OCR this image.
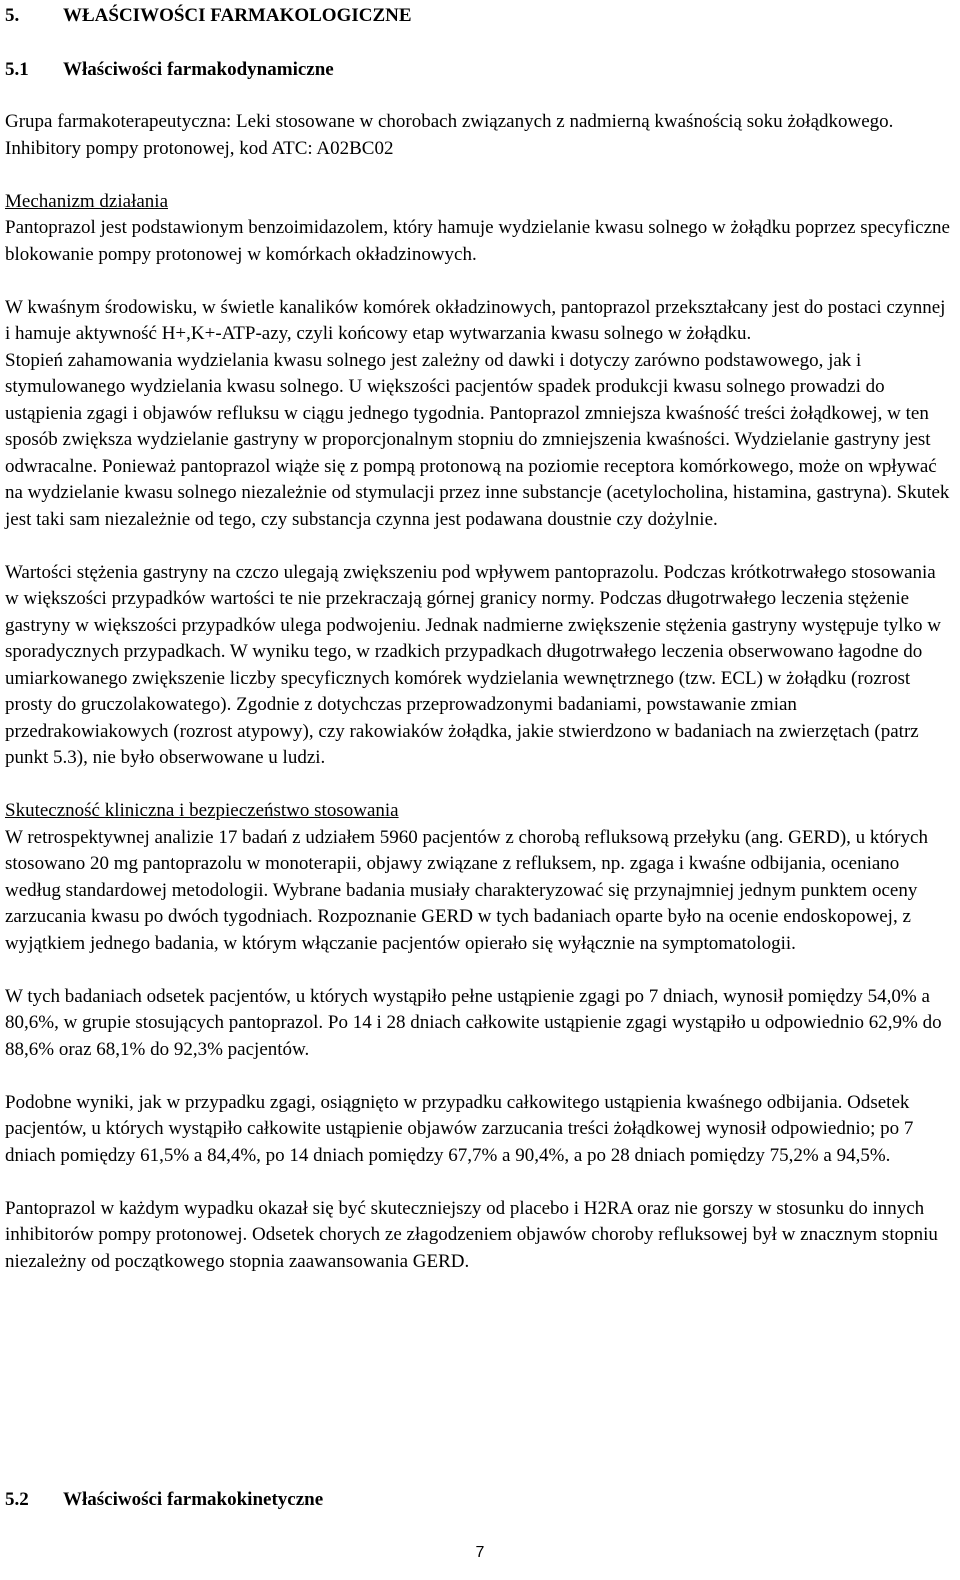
5. WŁAŚCIWOŚCI FARMAKOLOGICZNE
5.1 Właściwości farmakodynamiczne

Grupa farmakoterapeutyczna: Leki stosowane w chorobach związanych z nadmierną kwaśnością soku żołądkowego. Inhibitory pompy protonowej, kod ATC: A02BC02

Mechanizm działania

Pantoprazol jest podstawionym benzoimidazolem, który hamuje wydzielanie kwasu solnego w żołądku poprzez specyficzne blokowanie pompy protonowej w komórkach okładzinowych.

W kwaśnym środowisku, w świetle kanalików komórek okładzinowych, pantoprazol przekształcany jest do postaci czynnej i hamuje aktywność H+,K+-ATP-azy, czyli końcowy etap wytwarzania kwasu solnego w żołądku.

Stopień zahamowania wydzielania kwasu solnego jest zależny od dawki i dotyczy zarówno podstawowego, jak i stymulowanego wydzielania kwasu solnego. U większości pacjentów spadek produkcji kwasu solnego prowadzi do ustąpienia zgagi i objawów refluksu w ciągu jednego tygodnia. Pantoprazol zmniejsza kwaśność treści żołądkowej, w ten sposób zwiększa wydzielanie gastryny w proporcjonalnym stopniu do zmniejszenia kwaśności. Wydzielanie gastryny jest odwracalne. Ponieważ pantoprazol wiąże się z pompą protonową na poziomie receptora komórkowego, może on wpływać na wydzielanie kwasu solnego niezależnie od stymulacji przez inne substancje (acetylocholina, histamina, gastryna). Skutek jest taki sam niezależnie od tego, czy substancja czynna jest podawana doustnie czy dożylnie.

Wartości stężenia gastryny na czczo ulegają zwiększeniu pod wpływem pantoprazolu. Podczas krótkotrwałego stosowania w większości przypadków wartości te nie przekraczają górnej granicy normy. Podczas długotrwałego leczenia stężenie gastryny w większości przypadków ulega podwojeniu. Jednak nadmierne zwiększenie stężenia gastryny występuje tylko w sporadycznych przypadkach. W wyniku tego, w rzadkich przypadkach długotrwałego leczenia obserwowano łagodne do umiarkowanego zwiększenie liczby specyficznych komórek wydzielania wewnętrznego (tzw. ECL) w żołądku (rozrost prosty do gruczolakowatego). Zgodnie z dotychczas przeprowadzonymi badaniami, powstawanie zmian przedrakowiakowych (rozrost atypowy), czy rakowiaków żołądka, jakie stwierdzono w badaniach na zwierzętach (patrz punkt 5.3), nie było obserwowane u ludzi.

Skuteczność kliniczna i bezpieczeństwo stosowania

W retrospektywnej analizie 17 badań z udziałem 5960 pacjentów z chorobą refluksową przełyku (ang. GERD), u których stosowano 20 mg pantoprazolu w monoterapii, objawy związane z refluksem, np. zgaga i kwaśne odbijania, oceniano według standardowej metodologii. Wybrane badania musiały charakteryzować się przynajmniej jednym punktem oceny zarzucania kwasu po dwóch tygodniach. Rozpoznanie GERD w tych badaniach oparte było na ocenie endoskopowej, z wyjątkiem jednego badania, w którym włączanie pacjentów opierało się wyłącznie na symptomatologii.

W tych badaniach odsetek pacjentów, u których wystąpiło pełne ustąpienie zgagi po 7 dniach, wynosił pomiędzy 54,0% a 80,6%, w grupie stosujących pantoprazol. Po 14 i 28 dniach całkowite ustąpienie zgagi wystąpiło u odpowiednio 62,9% do 88,6% oraz 68,1% do 92,3% pacjentów.

Podobne wyniki, jak w przypadku zgagi, osiągnięto w przypadku całkowitego ustąpienia kwaśnego odbijania. Odsetek pacjentów, u których wystąpiło całkowite ustąpienie objawów zarzucania treści żołądkowej wynosił odpowiednio; po 7 dniach pomiędzy 61,5% a 84,4%, po 14 dniach pomiędzy 67,7% a 90,4%, a po 28 dniach pomiędzy 75,2% a 94,5%.

Pantoprazol w każdym wypadku okazał się być skuteczniejszy od placebo i H2RA oraz nie gorszy w stosunku do innych inhibitorów pompy protonowej. Odsetek chorych ze złagodzeniem objawów choroby refluksowej był w znacznym stopniu niezależny od początkowego stopnia zaawansowania GERD.

5.2 Właściwości farmakokinetyczne
7
